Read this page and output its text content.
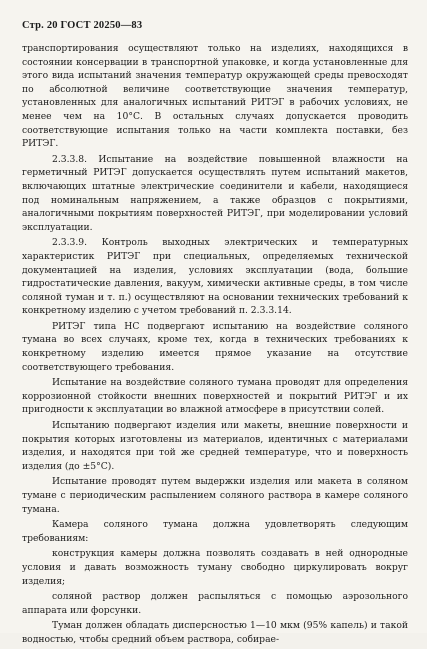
Стр. 20 ГОСТ 20250—83

транспортирования осуществляют только на изделиях, находящихся в состоянии консервации в транспортной упаковке, и когда установленные для этого вида испытаний значения температур окружающей среды превосходят по абсолютной величине соответствующие значения температур, установленных для аналогичных испытаний РИТЭГ в рабочих условиях, не менее чем на 10°С. В остальных случаях допускается проводить соответствующие испытания только на части комплекта поставки, без РИТЭГ.

2.3.3.8. Испытание на воздействие повышенной влажности на герметичный РИТЭГ допускается осуществлять путем испытаний макетов, включающих штатные электрические соединители и кабели, находящиеся под номинальным напряжением, а также образцов с покрытиями, аналогичными покрытиям поверхностей РИТЭГ, при моделировании условий эксплуатации.

2.3.3.9. Контроль выходных электрических и температурных характеристик РИТЭГ при специальных, определяемых технической документацией на изделия, условиях эксплуатации (вода, большие гидростатические давления, вакуум, химически активные среды, в том числе соляной туман и т. п.) осуществляют на основании технических требований к конкретному изделию с учетом требований п. 2.3.3.14.

РИТЭГ типа НС подвергают испытанию на воздействие соляного тумана во всех случаях, кроме тех, когда в технических требованиях к конкретному изделию имеется прямое указание на отсутствие соответствующего требования.

Испытание на воздействие соляного тумана проводят для определения коррозионной стойкости внешних поверхностей и покрытий РИТЭГ и их пригодности к эксплуатации во влажной атмосфере в присутствии солей.

Испытанию подвергают изделия или макеты, внешние поверхности и покрытия которых изготовлены из материалов, идентичных с материалами изделия, и находятся при той же средней температуре, что и поверхность изделия (до ±5°С).

Испытание проводят путем выдержки изделия или макета в соляном тумане с периодическим распылением соляного раствора в камере соляного тумана.

Камера соляного тумана должна удовлетворять следующим требованиям:

конструкция камеры должна позволять создавать в ней однородные условия и давать возможность туману свободно циркулировать вокруг изделия;

соляной раствор должен распыляться с помощью аэрозольного аппарата или форсунки.

Туман должен обладать дисперсностью 1—10 мкм (95% капель) и такой водностью, чтобы средний объем раствора, собирае-
